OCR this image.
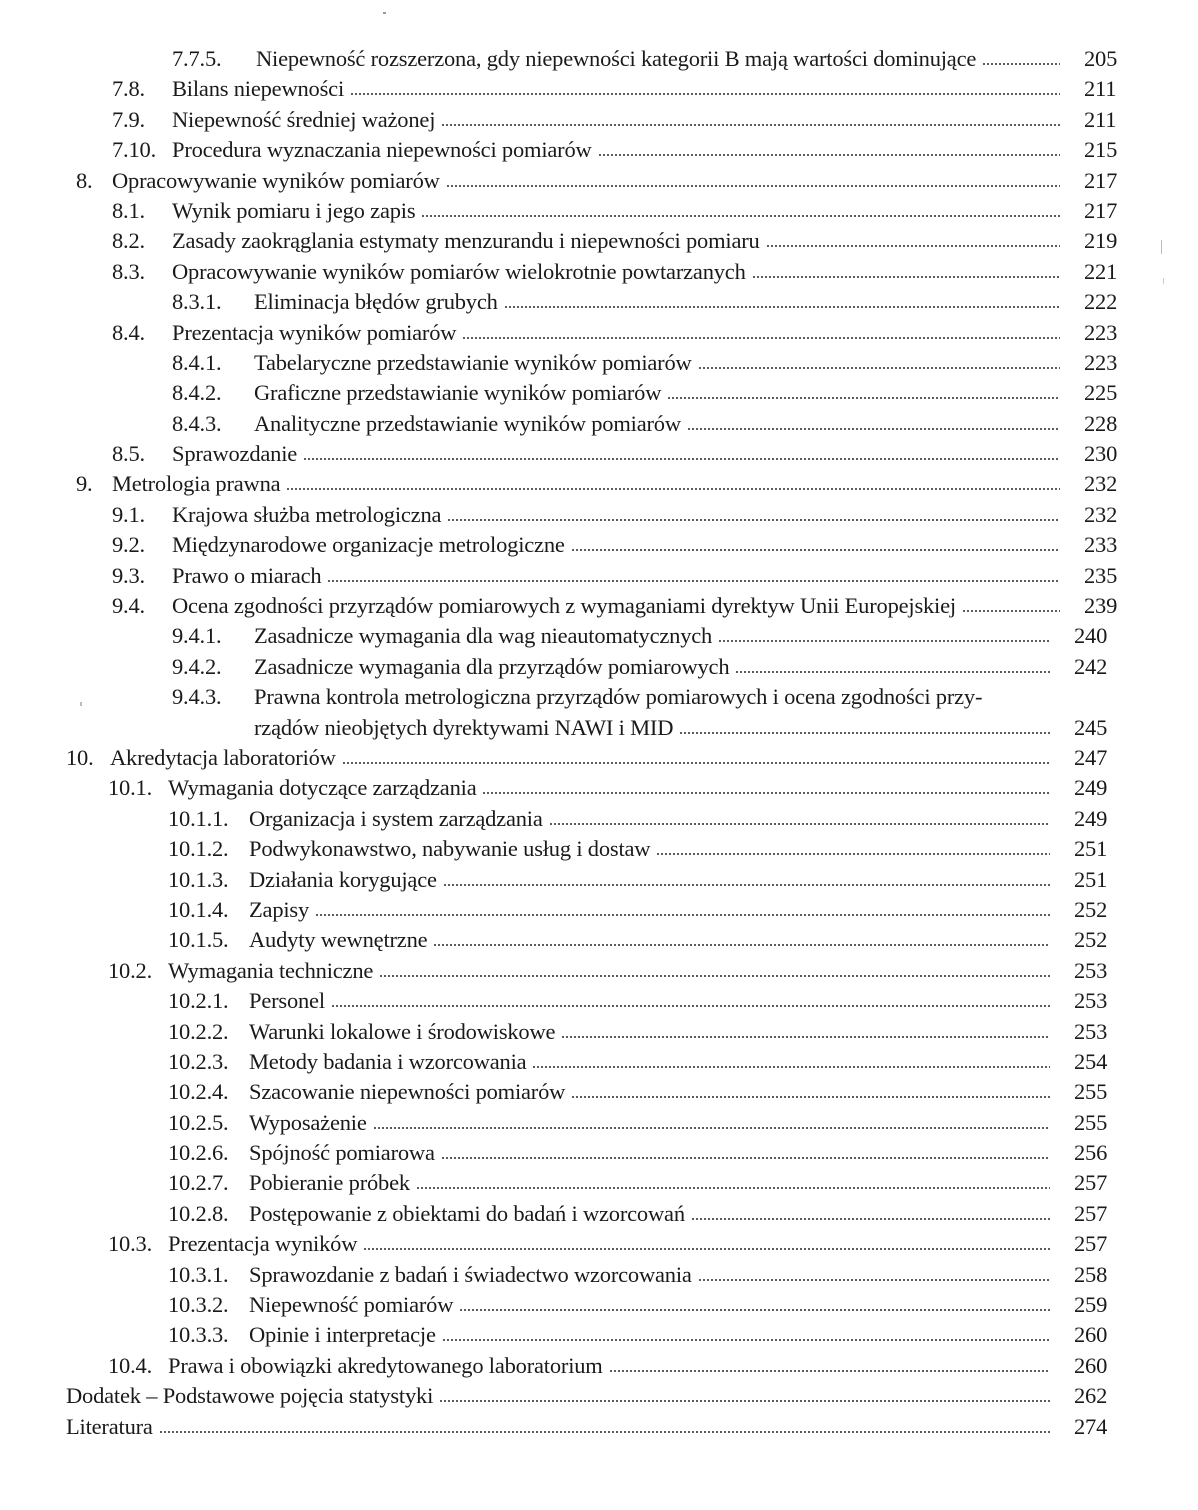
7.7.5.	Niepewność rozszerzona, gdy niepewności kategorii B mają wartości dominujące	205
7.8.	Bilans niepewności	211
7.9.	Niepewność średniej ważonej	211
7.10. Procedura wyznaczania niepewności pomiarów	215
8. Opracowywanie wyników pomiarów	217
8.1.	Wynik pomiaru i jego zapis	217
8.2.	Zasady zaokrąglania estymaty menzurandu i niepewności pomiaru	219
8.3.	Opracowywanie wyników pomiarów wielokrotnie powtarzanych	221
8.3.1.	Eliminacja błędów grubych	222
8.4.	Prezentacja wyników pomiarów	223
8.4.1.	Tabelaryczne przedstawianie wyników pomiarów	223
8.4.2.	Graficzne przedstawianie wyników pomiarów	225
8.4.3.	Analityczne przedstawianie wyników pomiarów	228
8.5.	Sprawozdanie	230
9. Metrologia prawna	232
9.1.	Krajowa służba metrologiczna	232
9.2.	Międzynarodowe organizacje metrologiczne	233
9.3.	Prawo o miarach	235
9.4.	Ocena zgodności przyrządów pomiarowych z wymaganiami dyrektyw Unii Europejskiej	239
9.4.1.	Zasadnicze wymagania dla wag nieautomatycznych	240
9.4.2.	Zasadnicze wymagania dla przyrządów pomiarowych	242
9.4.3.	Prawna kontrola metrologiczna przyrządów pomiarowych i ocena zgodności przy-
rządów nieobjętych dyrektywami NAWI i MID	245
10. Akredytacja laboratoriów	247
10.1. Wymagania dotyczące zarządzania	249
10.1.1. Organizacja i system zarządzania	249
10.1.2. Podwykonawstwo, nabywanie usług i dostaw	251
10.1.3. Działania korygujące	251
10.1.4. Zapisy	252
10.1.5. Audyty wewnętrzne	252
10.2. Wymagania techniczne	253
10.2.1. Personel	253
10.2.2. Warunki lokalowe i środowiskowe	253
10.2.3. Metody badania i wzorcowania	254
10.2.4. Szacowanie niepewności pomiarów	255
10.2.5. Wyposażenie	255
10.2.6. Spójność pomiarowa	256
10.2.7. Pobieranie próbek	257
10.2.8. Postępowanie z obiektami do badań i wzorcowań	257
10.3. Prezentacja wyników	257
10.3.1. Sprawozdanie z badań i świadectwo wzorcowania	258
10.3.2. Niepewność pomiarów	259
10.3.3. Opinie i interpretacje	260
10.4. Prawa i obowiązki akredytowanego laboratorium	260
Dodatek – Podstawowe pojęcia statystyki	262
Literatura	274
